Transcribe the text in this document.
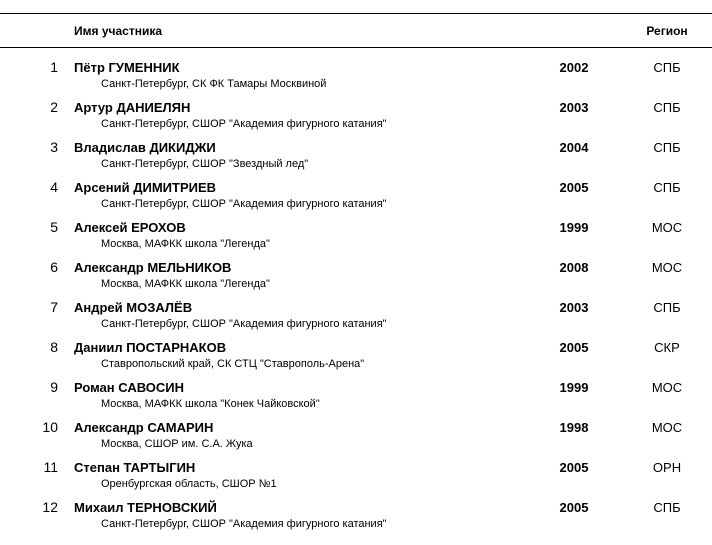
Имя участника	Регион
1 Пётр ГУМЕННИК
Санкт-Петербург, СК ФК Тамары Москвиной
2002	СПБ
2 Артур ДАНИЕЛЯН
Санкт-Петербург, СШОР "Академия фигурного катания"
2003	СПБ
3 Владислав ДИКИДЖИ
Санкт-Петербург, СШОР "Звездный лед"
2004	СПБ
4 Арсений ДИМИТРИЕВ
Санкт-Петербург, СШОР "Академия фигурного катания"
2005	СПБ
5 Алексей ЕРОХОВ
Москва, МАФКК школа "Легенда"
1999	МОС
6 Александр МЕЛЬНИКОВ
Москва, МАФКК школа "Легенда"
2008	МОС
7 Андрей МОЗАЛЁВ
Санкт-Петербург, СШОР "Академия фигурного катания"
2003	СПБ
8 Даниил ПОСТАРНАКОВ
Ставропольский край, СК СТЦ "Ставрополь-Арена"
2005	СКР
9 Роман САВОСИН
Москва, МАФКК школа "Конек Чайковской"
1999	МОС
10 Александр САМАРИН
Москва, СШОР им. С.А. Жука
1998	МОС
11 Степан ТАРТЫГИН
Оренбургская область, СШОР №1
2005	ОРН
12 Михаил ТЕРНОВСКИЙ
Санкт-Петербург, СШОР "Академия фигурного катания"
2005	СПБ
